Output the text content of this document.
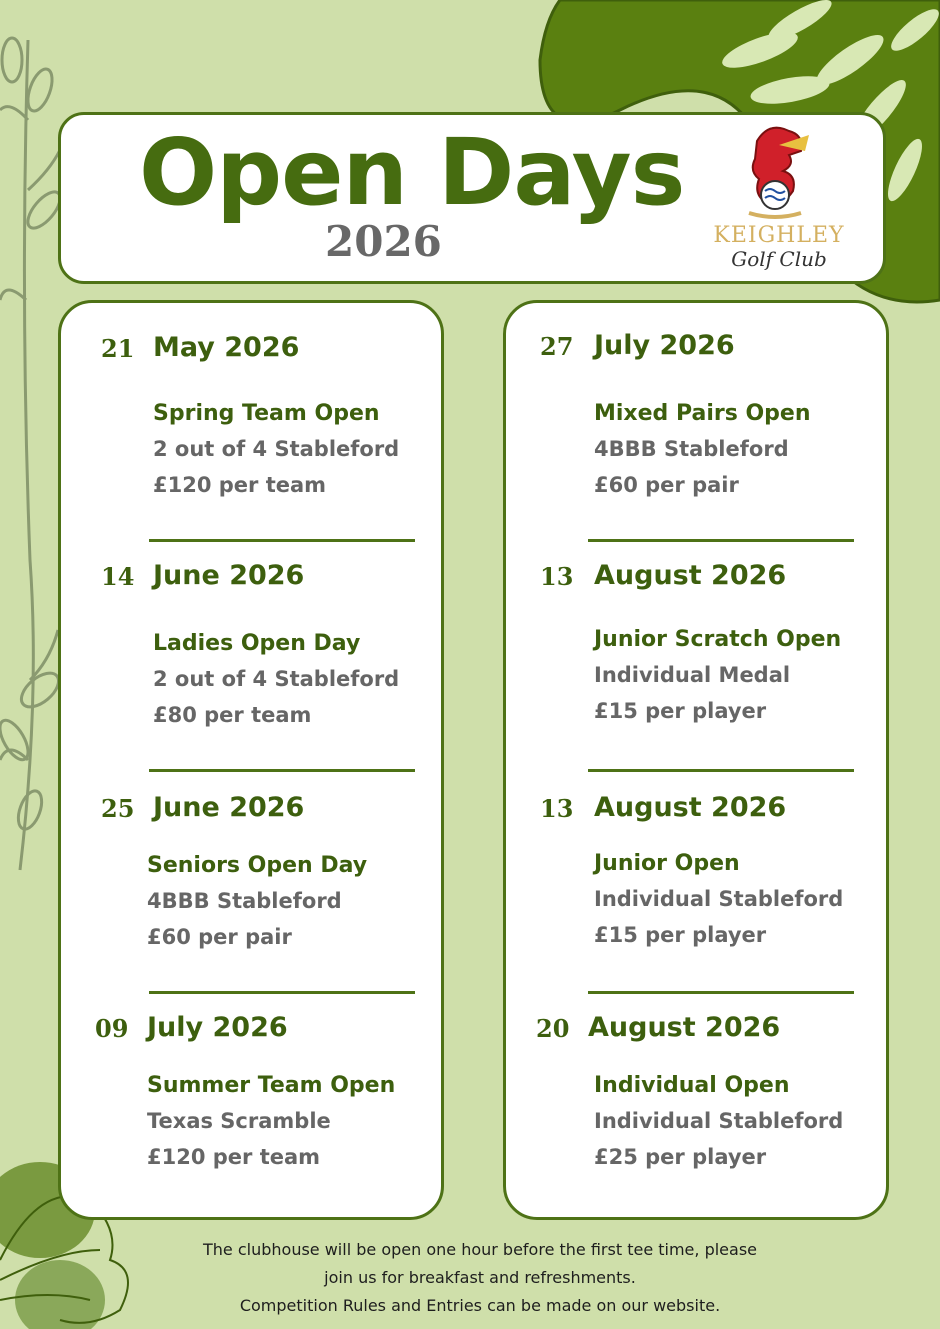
Open Days
2026	KEIGHLEY
Golf Club
21 May 2026
Spring Team Open
2 out of 4 Stableford
£120 per team
14 June 2026
Ladies Open Day
2 out of 4 Stableford
£80 per team
25 June 2026
Seniors Open Day
4BBB Stableford
£60 per pair
09 July 2026
Summer Team Open
Texas Scramble
£120 per team
27 July 2026
Mixed Pairs Open
4BBB Stableford
£60 per pair
13 August 2026
Junior Scratch Open
Individual Medal
£15 per player
13 August 2026
Junior Open
Individual Stableford
£15 per player
20 August 2026
Individual Open
Individual Stableford
£25 per player
The clubhouse will be open one hour before the first tee time, please
join us for breakfast and refreshments.
Competition Rules and Entries can be made on our website.
